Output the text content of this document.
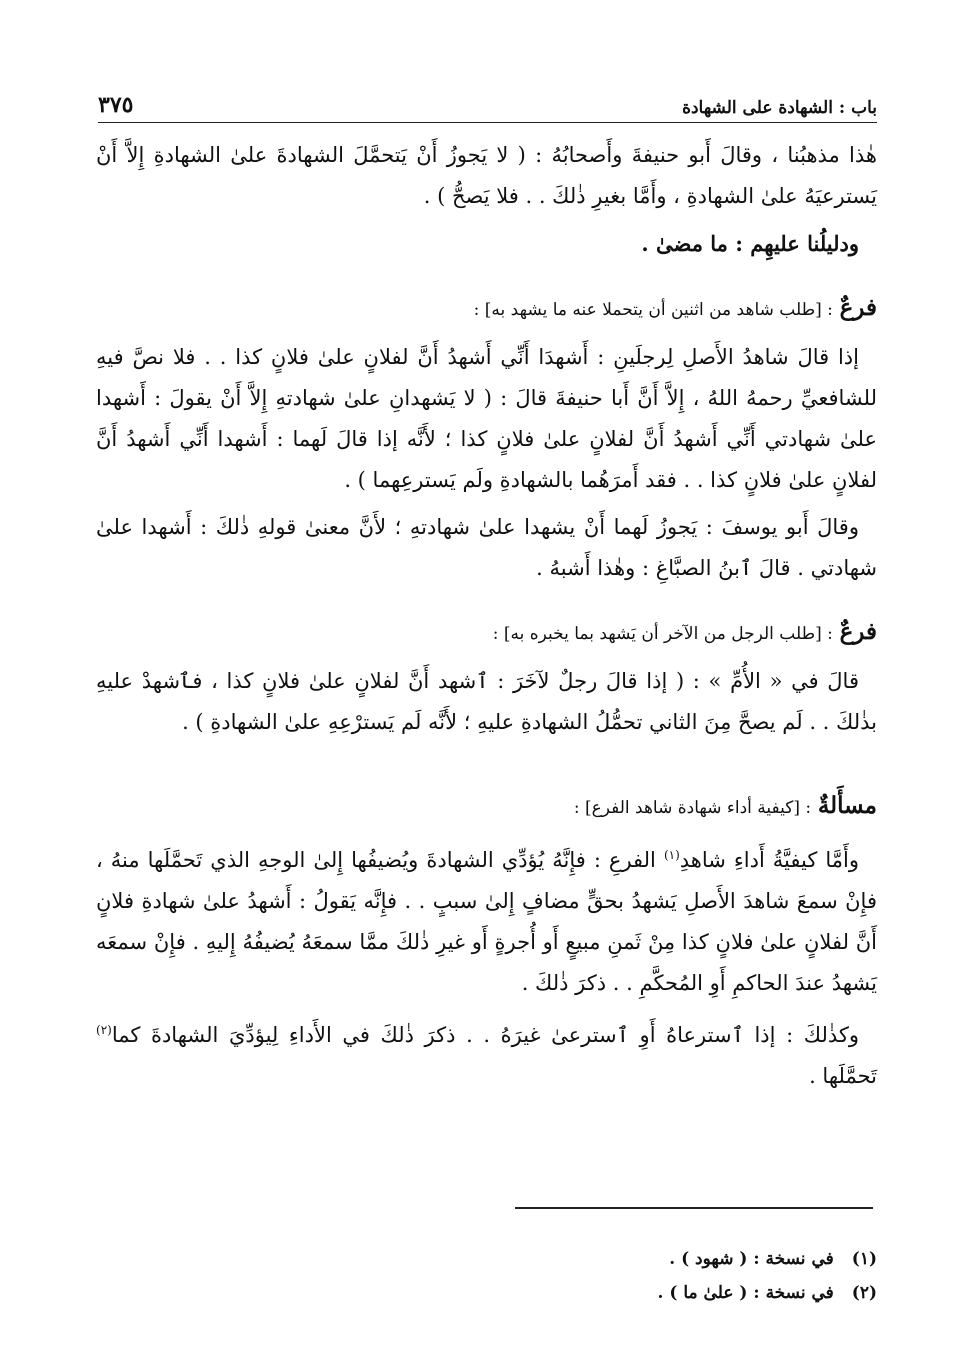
باب : الشهادة على الشهادة
٣٧٥

هٰذا مذهبُنا ، وقالَ أَبو حنيفةَ وأَصحابُهُ : ( لا يَجوزُ أَنْ يَتحمَّلَ الشهادةَ علىٰ الشهادةِ إِلاَّ أَنْ يَسترعيَهُ علىٰ الشهادةِ ، وأَمَّا بغيرِ ذٰلكَ . . فلا يَصحُّ ) .

ودليلُنا عليهِم : ما مضىٰ .

فرعٌ : [طلب شاهد من اثنين أن يتحملا عنه ما يشهد به] :

إذا قالَ شاهدُ الأَصلِ لِرجلَينِ : أَشهدَا أَنِّي أَشهدُ أَنَّ لفلانٍ علىٰ فلانٍ كذا . . فلا نصَّ فيهِ للشافعيِّ رحمهُ اللهُ ، إِلاَّ أَنَّ أَبا حنيفةَ قالَ : ( لا يَشهدانِ علىٰ شهادتهِ إِلاَّ أَنْ يقولَ : أَشهدا علىٰ شهادتي أَنِّي أَشهدُ أَنَّ لفلانٍ علىٰ فلانٍ كذا ؛ لأَنَّه إذا قالَ لَهما : أَشهدا أَنِّي أَشهدُ أَنَّ لفلانٍ علىٰ فلانٍ كذا . . فقد أَمرَهُما بالشهادةِ ولَم يَسترعِهما ) .

وقالَ أَبو يوسفَ : يَجوزُ لَهما أَنْ يشهدا علىٰ شهادتهِ ؛ لأَنَّ معنىٰ قولهِ ذٰلكَ : أَشهدا علىٰ شهادتي . قالَ ٱبنُ الصبَّاغِ : وهٰذا أَشبهُ .

فرعٌ : [طلب الرجل من الآخر أن يَشهد بما يخبره به] :

قالَ في « الأُمِّ » : ( إذا قالَ رجلٌ لآخَرَ : ٱشهد أَنَّ لفلانٍ علىٰ فلانٍ كذا ، فٱشهدْ عليهِ بذٰلكَ . . لَم يصحَّ مِنَ الثاني تحمُّلُ الشهادةِ عليهِ ؛ لأَنَّه لَم يَسترْعِهِ علىٰ الشهادةِ ) .

مسأَلةٌ : [كيفية أداء شهادة شاهد الفرع] :

وأَمَّا كيفيَّةُ أَداءِ شاهدِ$^{(١)}$ الفرعِ : فإِنَّهُ يُؤدِّي الشهادةَ ويُضيفُها إِلىٰ الوجهِ الذي تَحمَّلَها منهُ ، فإِنْ سمعَ شاهدَ الأَصلِ يَشهدُ بحقٍّ مضافٍ إِلىٰ سببٍ . . فإِنَّه يَقولُ : أَشهدُ علىٰ شهادةِ فلانٍ أَنَّ لفلانٍ علىٰ فلانٍ كذا مِنْ ثَمنِ مبيعٍ أَو أُجرةٍ أَو غيرِ ذٰلكَ ممَّا سمعَهُ يُضيفُهُ إِليهِ . فإِنْ سمعَه يَشهدُ عندَ الحاكمِ أَوِ المُحكَّمِ . . ذكرَ ذٰلكَ .

وكذٰلكَ : إذا ٱسترعاهُ أَوِ ٱسترعىٰ غيرَهُ . . ذكرَ ذٰلكَ في الأَداءِ لِيؤدِّيَ الشهادةَ كما$^{(٢)}$ تَحمَّلَها .

(١)
في نسخة : ( شهود ) .
(٢)
في نسخة : ( علىٰ ما ) .
